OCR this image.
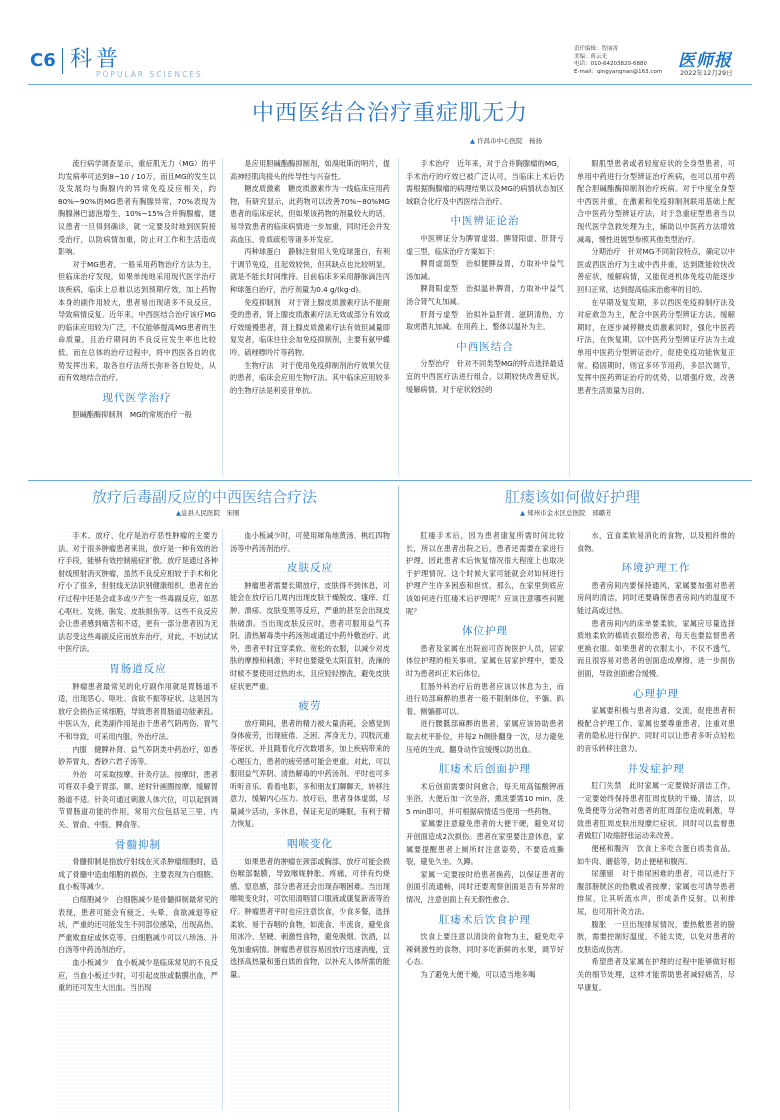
C6 科普
POPULAR SCIENCES
责任编辑：智丽霄
美编：蒋云光
电话：010-64203820-6880
E-mail：qingyangnan@163.com
医师报
2022年12月29日
中西医结合治疗重症肌无力
▲ 许昌市中心医院　杨扬

流行病学调查显示，重症肌无力（MG）的平均发病率可达到8~10 / 10万，而且MG的发生以及发展均与胸腺内的异常免疫反应相关，约80%~90%的MG患者有胸腺异常，70%表现为胸腺淋巴滤泡增生，10%~15%合并胸腺瘤，建议患者一旦得到确诊，就一定要及时地到医院接受治疗，以防病情加重，防止对工作和生活造成影响。

对于MG患者，一般采用药物治疗方法为主，但临床治疗发现，如果单纯地采用现代医学治疗该疾病，临床上总难以达到预期疗效，加上药物本身的副作用较大，患者易出现诸多不良反应，导致病情反复。近年来，中西医结合治疗该疗MG的临床应用较为广泛，不仅能够提高MG患者的生命质量，且治疗期间的不良反应发生率也比较低。而在总体的治疗过程中，将中西医各自的优势发挥出来，取各自疗法所长弥补各自短处，从而有效地结合治疗。

现代医学治疗

胆碱酯酶抑制剂　MG的常规治疗一般

是应用胆碱酯酶抑制剂，如溴吡斯的明片，提高神经肌肉接头的传导性与兴奋性。

糖皮质激素　糖皮质激素作为一线临床应用药物，有研究显示，此药物可以改善70%~80%MG患者的临床症状，但如果该药物的剂量较大的话，易导致患者的临床病情进一步加重，同时还会并发高血压、骨质疏松等诸多并发症。

丙种球蛋白　静脉注射用人免疫球蛋白，有利于调节免疫，且起效较快，但其缺点也比较明显，就是不能长时间维持。目前临床多采用静脉滴注丙种球蛋白治疗，治疗剂量为0.4 g/(kg·d)。

免疫抑制剂　对于肾上腺皮质激素疗法不能耐受的患者，肾上腺皮质激素疗法无效或部分有效或疗效缓慢患者，肾上腺皮质激素疗法有效但减量即复发者，临床往往会加免疫抑制剂，主要有氨甲蝶呤、硫唑嘌呤片等药物。

生物疗法　对于使用免疫抑制剂治疗效果欠佳的患者，临床会应用生物疗法。其中临床应用较多的生物疗法是利妥昔单抗。

手术治疗　近年来，对于合并胸腺瘤的MG，手术治疗的疗效已被广泛认可，当临床上术后仍需根据胸腺瘤的病理结果以及MG的病情状态加区域联合化疗及中西医结合治疗。

中医辨证论治

中医辨证分为脾胃虚弱、脾肾阳虚、肝肾亏虚三型，临床治疗方案如下：

脾胃虚弱型　治拟健脾益胃，方取补中益气汤加减。

脾肾阳虚型　治拟温补脾肾，方取补中益气汤合肾气丸加减。

肝肾亏虚型　治拟补益肝肾、滋阴清热，方取虎潜丸加减。在用药上，整体以温补为主。

中西医结合

分型治疗　针对不同类型MG的特点选择最适宜的中西医疗法进行组合，以期较快改善症状，缓解病情。对于症状较轻的

眼肌型患者或者轻度症状的全身型患者，可单用中药进行分型辨证治疗疾病，也可以用中药配合胆碱酯酶抑制剂治疗疾病。对于中度全身型中西医并重，在激素和免疫抑制剂联用基础上配合中医药分型辨证疗法，对于急重症型患者当以现代医学急救处理为主，辅助以中医药方法增效减毒，慢性进展型参照其他类型治疗。

分期治疗　针对MG不同阶段特点，确定以中医或西医治疗为主或中西并重，达到既能较快改善症状，缓解病情，又能促进机体免疫功能逐步回归正常，达到提高临床治愈率的目的。

在早期及复发期，多以西医免疫抑制疗法及对症救急为主，配合中医药分型辨证方法，缓解期时，在逐步减停糖皮质激素同时，强化中医药疗法，在恢复期，以中医药分型辨证疗法为主或单用中医药分型辨证治疗，促使免疫功能恢复正常。稳固期时，则宜多环节用药，多层次调节，发挥中医药辨证治疗的优势，以增强疗效，改善患者生活质量为目的。

放疗后毒副反应的中西医结合疗法
▲息县人民医院　宋刚

手术、放疗、化疗是治疗恶性肿瘤的主要方法。对于很多肿瘤患者来说，放疗是一种有效的治疗手段，能够有效控制癌症扩散。放疗是通过各种射线照射消灭肿瘤，虽然不良反应相较于手术和化疗小了很多，但射线无法识别健康组织，患者在治疗过程中还是会或多或少产生一些毒副反应，如恶心呕吐、发烧、脱发、皮肤损伤等。这些不良反应会让患者感到痛苦和不适，更有一部分患者因为无法忍受这些毒副反应而放弃治疗，对此，不妨试试中医疗法。

胃肠道反应

肿瘤患者最常见的化疗副作用就是胃肠道不适，出现恶心、呕吐、食欲不振等症状，这是因为放疗会损伤正常细胞，导致患者胃肠道功能紊乱。中医认为，此类副作用是由于患者气阴两伤、胃气不和导致，可采用内服、外治疗法。

内服　健脾补肾、益气养阴类中药治疗，如香砂养胃丸、香砂六君子汤等。

外治　可采取按摩、针灸疗法。按摩时，患者可将双手叠于胃部，顺、逆时针画圈按摩，缓解胃肠道不适。针灸可通过刺激人体穴位，可以起到调节胃肠道功能的作用，常用穴位包括足三里、内关、胃俞、中脘、脾俞等。

骨髓抑制

骨髓抑制是指放疗射线在灭杀肿瘤细胞时，造成了骨髓中造血细胞的损伤，主要表现为白细胞、血小板等减少。

白细胞减少　白细胞减少是骨髓抑制最常见的表现，患者可能会有疲乏、头晕、食欲减退等症状，严重的还可能发生不同部位感染，出现高热、严重败血症或休克等。白细胞减少可以八珍汤、升白汤等中药汤剂治疗。

血小板减少　血小板减少是临床常见的不良反应，当血小板过少时，可引起皮肤或黏膜出血，严重的还可发生大出血。当出现

血小板减少时，可使用犀角地黄汤、桃红四物汤等中药汤剂治疗。

皮肤反应

肿瘤患者需要长期放疗，皮肤得不到休息，可能会在放疗后几周内出现皮肤干燥脱皮、瘙痒、红肿、溃疡、皮肤变黑等反应，严重的甚至会出现皮肤破溃。当出现皮肤反应时，患者可服用益气养阴、清热解毒类中药汤剂或通过中药外敷治疗。此外，患者平时宜穿柔软、宽松的衣服，以减少对皮肤的摩擦和刺激；平时也要避免太阳直射，洗澡的时候不要使用过热的水，且应轻轻擦洗，避免皮肤症状更严重。

疲劳

放疗期间，患者的精力被大量消耗，会感觉到身体疲劳，出现疲倦、乏困、浑身无力，四肢沉重等症状，并且随着化疗次数增多，加上疾病带来的心理压力，患者的疲劳感可能会更重。对此，可以服用益气养阴、清热解毒的中药汤剂。平时也可多听听音乐、看看电影，多和朋友们聊聊天，转移注意力，缓解内心压力。放疗后，患者身体虚弱，尽量减少活动，多休息，保证充足的睡眠，有利于精力恢复。

咽喉变化

如果患者的肿瘤在颈部或胸部，放疗可能会损伤喉部黏膜，导致喉咙肿胀、疼痛，可伴有灼烧感、窒息感，部分患者还会出现吞咽困难。当出现喉咙变化时，可饮用清咽冒口服液或康复新液等治疗。肿瘤患者平时也应注意饮食，少食多餐，选择柔软、易于吞咽的食物，如流食、半流食，避免食用冰冷、坚硬、刺激性食物，避免吸烟、饮酒，以免加重病情。肿瘤患者很容易因放疗迅速消瘦，宜选择高热量和蛋白质的食物，以补充人体所需的能量。

肛瘘该如何做好护理
▲ 郑州市金水区总医院　邢璐芳

肛瘘手术后，因为患者康复所需时间比较长，所以在患者出院之后，患者还需要在家进行护理，因此患者术后恢复情况很大程度上也取决于护理情况。这个时候大家可能就会对如何进行护理产生许多困惑和担忧，那么，在家里到底应该如何进行肛瘘术后护理呢？应该注意哪些问题呢？

体位护理

患者及家属在出院前可咨询医护人员，居家体位护理的相关事项。家属在居家护理中，要及时为患者纠正术后体位。

肛肠外科治疗后的患者应该以休息为主，而进行局部麻醉的患者一般不限制体位，平躺、趴着、侧躺都可以。

进行腰骶部麻醉的患者，家属应该协助患者取去枕平卧位，并每2 h侧卧翻身一次，尽力避免压疮的生成，翻身动作宜缓慢以防出血。

肛瘘术后创面护理

术后创面需要时间愈合，每天用高锰酸钾液坐浴，大便后加一次坐浴，熏洗要需10 min，洗5 min即可，并可根据病情适当使用一些药物。

家属要注意避免患者的大便干硬，避免对切开创面造成2次损伤。患者在家里要注意休息，家属要提醒患者上厕所时注意姿势，不要造成撕裂，避免久坐、久蹲。

家属一定要按时给患者换药，以保证患者的创面引流通畅，同时还要观察创面是否有异常的情况，注意创面上有无假性愈合。

肛瘘术后饮食护理

饮食上要注意以清淡的食物为主，避免吃辛辣刺激性的食物，同时多吃新鲜的水果，调节好心态。

为了避免大便干燥，可以适当地多喝

水，宜食柔软易消化的食物，以及粗纤维的食物。

环境护理工作

患者房间内要保持通风，家属要加强对患者房间的清洁，同时还要确保患者房间内的温度不能过高或过热。

患者房间内的床单要柔软，家属应尽量选择质地柔软的棉质衣服给患者，每天也要监督患者更换衣服。如果患者的衣服太小，不仅不透气，而且很容易对患者的创面造成摩擦，进一步损伤创面，导致创面愈合缓慢。

心理护理

家属要积极与患者沟通、交流，促使患者积极配合护理工作。家属也要尊重患者，注重对患者的隐私进行保护。同时可以让患者多听点轻松的音乐转移注意力。

并发症护理

肛门失禁　此时家属一定要做好清洁工作，一定要始终保持患者肛周皮肤的干燥、清洁，以免粪便等分泌物对患者的肛周部位造成刺激，导致患者肛周皮肤出现糜烂症状。同时可以监督患者做肛门收缩舒张运动来改善。

便秘和腹泻　饮食上多吃含蛋白质类食品，如牛肉、蘑菇等，防止便秘和腹泻。

尿潴留　对于排尿困难的患者，可以进行下腹部膀胱区的热敷或者按摩；家属也可诱导患者排尿，让其听流水声，形成条件反射，以利排尿，也可用针灸方法。

腹胀　一旦出现排尿情况，要热敷患者的膀胱，需要控制好温度，不能太烫，以免对患者的皮肤造成伤害。

希望患者及家属在护理的过程中能够做好相关的细节处理，这样才能帮助患者减轻痛苦，尽早康复。
